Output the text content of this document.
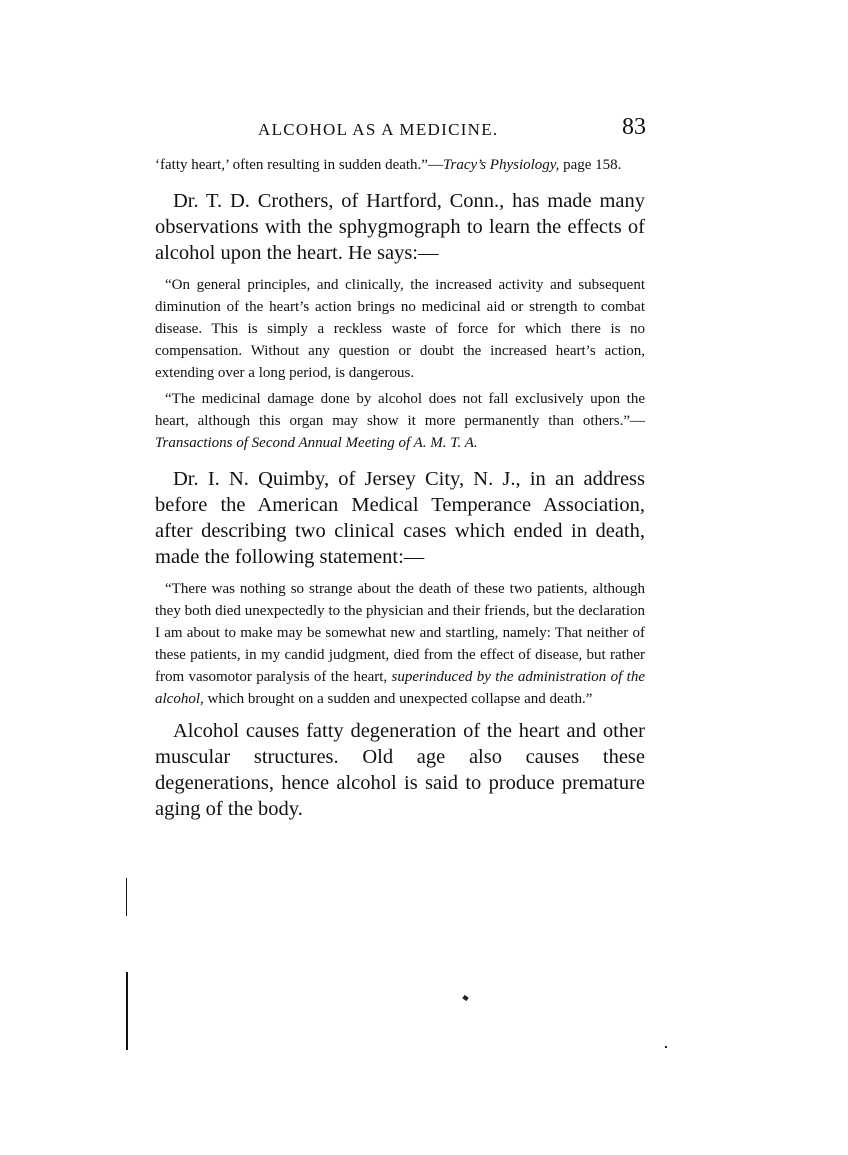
ALCOHOL AS A MEDICINE.	83

‘fatty heart,’ often resulting in sudden death.”—Tracy’s Physiology, page 158.

Dr. T. D. Crothers, of Hartford, Conn., has made many observations with the sphygmograph to learn the effects of alcohol upon the heart. He says:—

“On general principles, and clinically, the increased activity and subsequent diminution of the heart’s action brings no medicinal aid or strength to combat disease. This is simply a reckless waste of force for which there is no compensation. Without any question or doubt the increased heart’s action, extending over a long period, is dangerous.

“The medicinal damage done by alcohol does not fall exclusively upon the heart, although this organ may show it more permanently than others.”—Transactions of Second Annual Meeting of A. M. T. A.

Dr. I. N. Quimby, of Jersey City, N. J., in an address before the American Medical Temperance Association, after describing two clinical cases which ended in death, made the following statement:—

“There was nothing so strange about the death of these two patients, although they both died unexpectedly to the physician and their friends, but the declaration I am about to make may be somewhat new and startling, namely: That neither of these patients, in my candid judgment, died from the effect of disease, but rather from vasomotor paralysis of the heart, superinduced by the administration of the alcohol, which brought on a sudden and unexpected collapse and death.”

Alcohol causes fatty degeneration of the heart and other muscular structures. Old age also causes these degenerations, hence alcohol is said to produce premature aging of the body.
